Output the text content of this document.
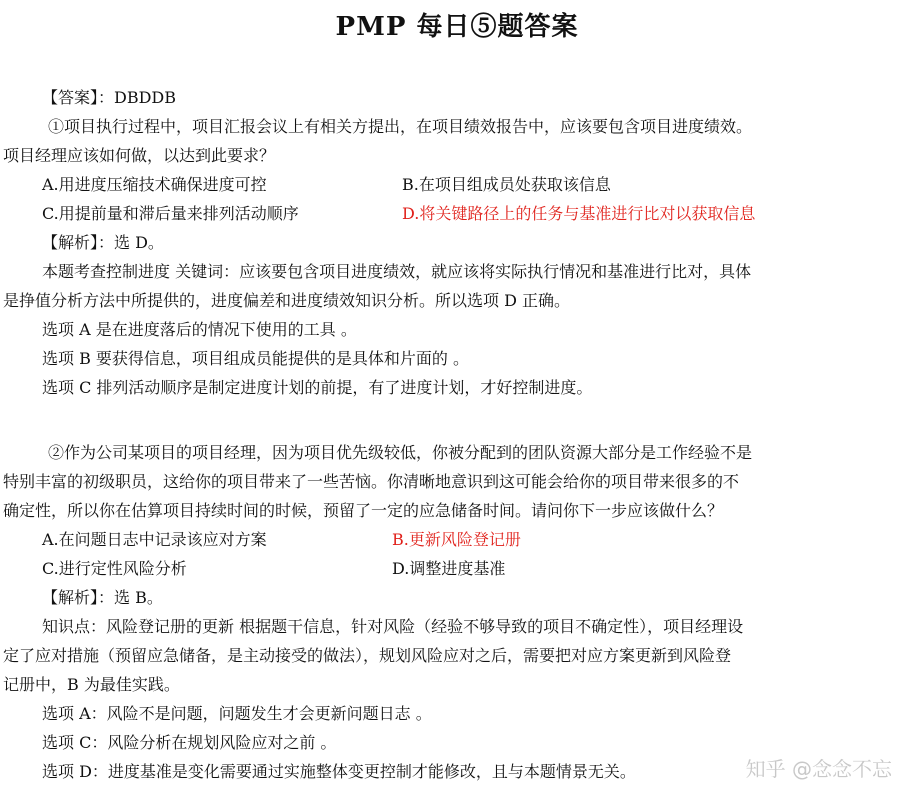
PMP 每日⑤题答案
【答案】：DBDDB
①项目执行过程中，项目汇报会议上有相关方提出，在项目绩效报告中，应该要包含项目进度绩效。
项目经理应该如何做，以达到此要求？
A.用进度压缩技术确保进度可控	B.在项目组成员处获取该信息
C.用提前量和滞后量来排列活动顺序	D.将关键路径上的任务与基准进行比对以获取信息
【解析】：选 D。
本题考查控制进度 关键词：应该要包含项目进度绩效，就应该将实际执行情况和基准进行比对，具体
是挣值分析方法中所提供的，进度偏差和进度绩效知识分析。所以选项 D 正确。
选项 A 是在进度落后的情况下使用的工具 。
选项 B 要获得信息，项目组成员能提供的是具体和片面的 。
选项 C 排列活动顺序是制定进度计划的前提，有了进度计划，才好控制进度。
②作为公司某项目的项目经理，因为项目优先级较低，你被分配到的团队资源大部分是工作经验不是
特别丰富的初级职员，这给你的项目带来了一些苦恼。你清晰地意识到这可能会给你的项目带来很多的不
确定性，所以你在估算项目持续时间的时候，预留了一定的应急储备时间。请问你下一步应该做什么？
A.在问题日志中记录该应对方案	B.更新风险登记册
C.进行定性风险分析	D.调整进度基准
【解析】：选 B。
知识点：风险登记册的更新 根据题干信息，针对风险（经验不够导致的项目不确定性），项目经理设
定了应对措施（预留应急储备，是主动接受的做法），规划风险应对之后，需要把对应方案更新到风险登
记册中，B 为最佳实践。
选项 A：风险不是问题，问题发生才会更新问题日志 。
选项 C：风险分析在规划风险应对之前 。
选项 D：进度基准是变化需要通过实施整体变更控制才能修改，且与本题情景无关。	知乎 @念念不忘
